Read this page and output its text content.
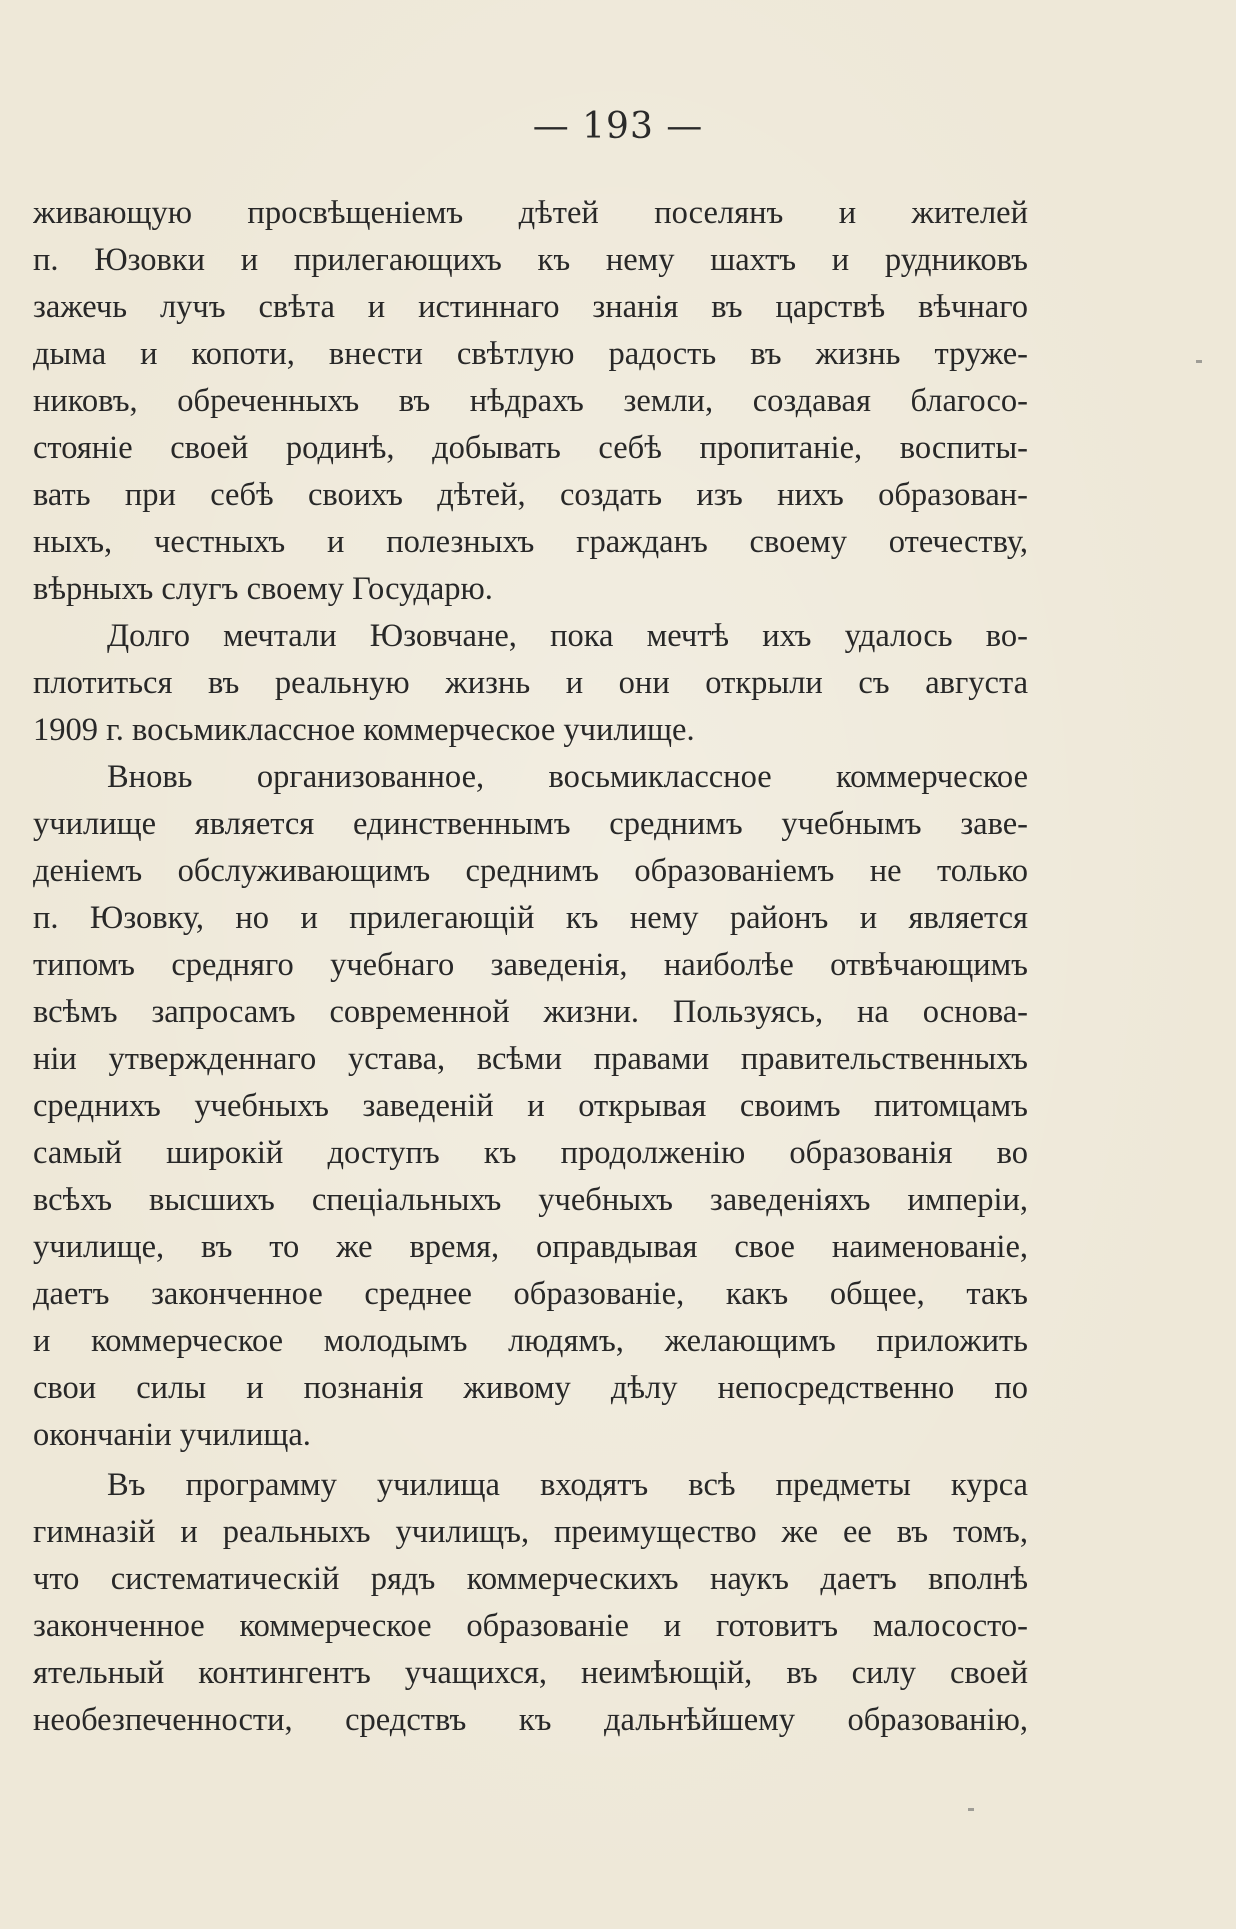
— 193 —
живающую просвѣщеніемъ дѣтей поселянъ и жителей
п. Юзовки и прилегающихъ къ нему шахтъ и рудниковъ
зажечь лучъ свѣта и истиннаго знанія въ царствѣ вѣчнаго
дыма и копоти, внести свѣтлую радость въ жизнь труже-
никовъ, обреченныхъ въ нѣдрахъ земли, создавая благосо-
стояніе своей родинѣ, добывать себѣ пропитаніе, воспиты-
вать при себѣ своихъ дѣтей, создать изъ нихъ образован-
ныхъ, честныхъ и полезныхъ гражданъ своему отечеству,
вѣрныхъ слугъ своему Государю.
Долго мечтали Юзовчане, пока мечтѣ ихъ удалось во-
плотиться въ реальную жизнь и они открыли съ августа
1909 г. восьмиклассное коммерческое училище.
Вновь организованное, восьмиклассное коммерческое
училище является единственнымъ среднимъ учебнымъ заве-
деніемъ обслуживающимъ среднимъ образованіемъ не только
п. Юзовку, но и прилегающій къ нему районъ и является
типомъ средняго учебнаго заведенія, наиболѣе отвѣчающимъ
всѣмъ запросамъ современной жизни. Пользуясь, на основа-
ніи утвержденнаго устава, всѣми правами правительственныхъ
среднихъ учебныхъ заведеній и открывая своимъ питомцамъ
самый широкій доступъ къ продолженію образованія во
всѣхъ высшихъ спеціальныхъ учебныхъ заведеніяхъ имперіи,
училище, въ то же время, оправдывая свое наименованіе,
даетъ законченное среднее образованіе, какъ общее, такъ
и коммерческое молодымъ людямъ, желающимъ приложить
свои силы и познанія живому дѣлу непосредственно по
окончаніи училища.
Въ программу училища входятъ всѣ предметы курса
гимназій и реальныхъ училищъ, преимущество же ее въ томъ,
что систематическій рядъ коммерческихъ наукъ даетъ вполнѣ
законченное коммерческое образованіе и готовитъ малососто-
ятельный контингентъ учащихся, неимѣющій, въ силу своей
необезпеченности, средствъ къ дальнѣйшему образованію,
